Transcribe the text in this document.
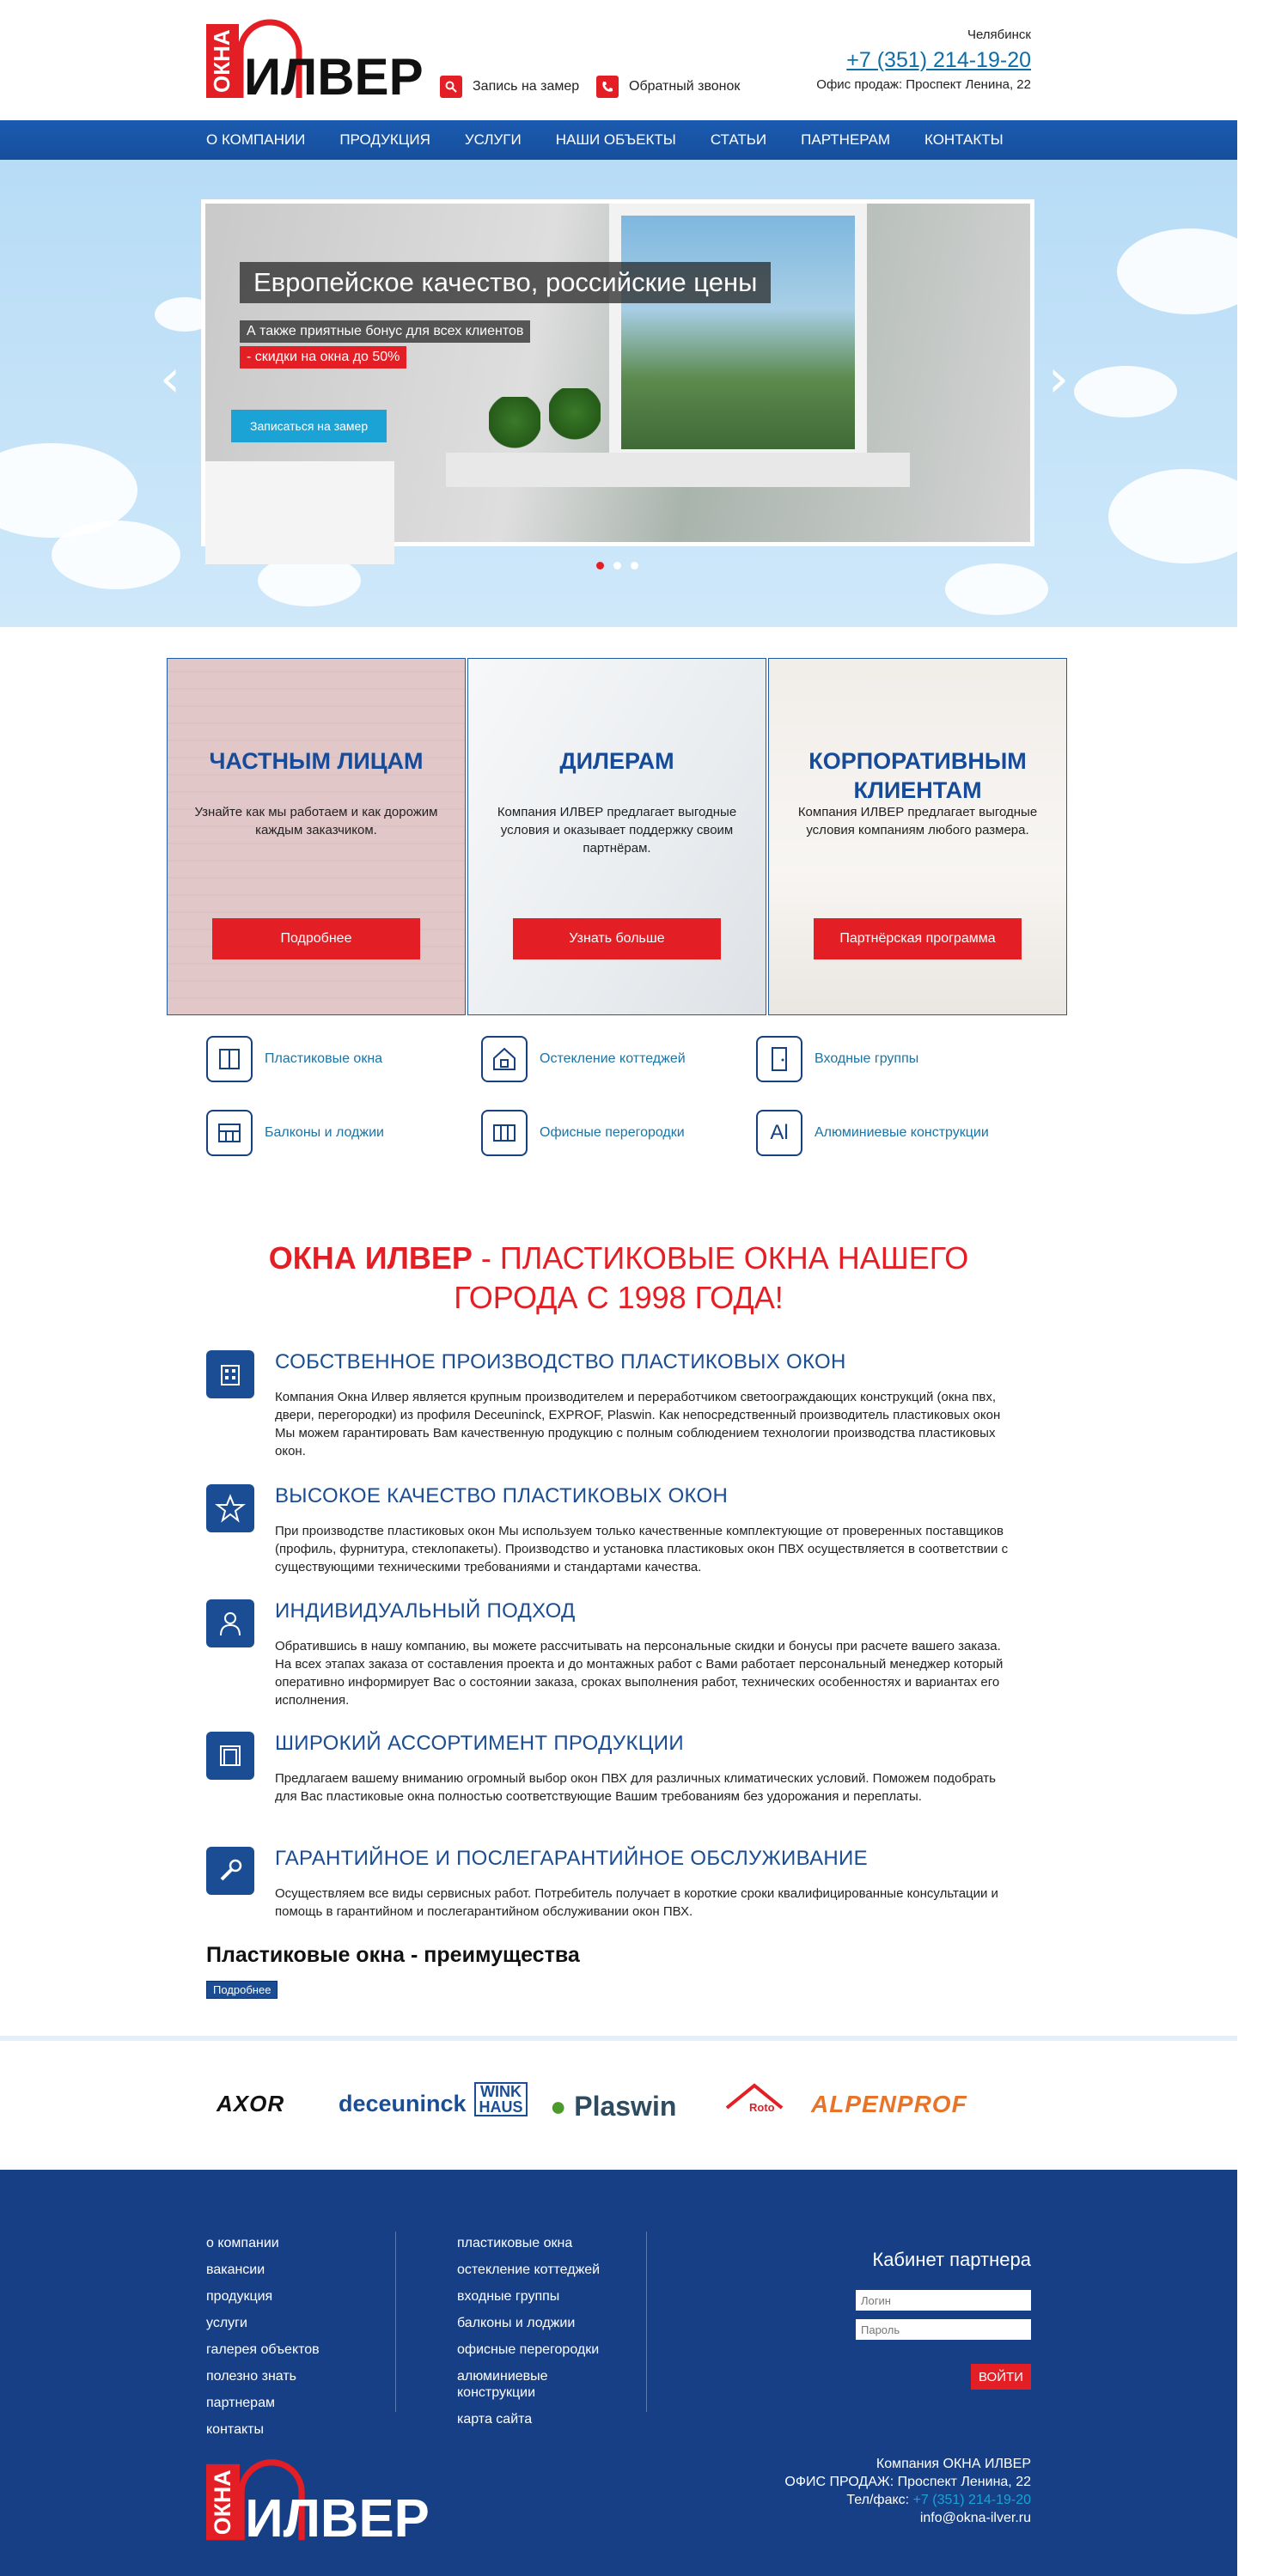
ОКНА ИЛВЕР	Запись на замер	Обратный звонок
Челябинск
+7 (351) 214-19-20
Офис продаж: Проспект Ленина, 22
О КОМПАНИИ ПРОДУКЦИЯ УСЛУГИ НАШИ ОБЪЕКТЫ СТАТЬИ ПАРТНЕРАМ КОНТАКТЫ
Европейское качество, российские цены
А также приятные бонус для всех клиентов
- скидки на окна до 50%
Записаться на замер
‹	›
ЧАСТНЫМ ЛИЦАМ

Узнайте как мы работаем и как дорожим каждым заказчиком.

Подробнее
ДИЛЕРАМ

Компания ИЛВЕР предлагает выгодные условия и оказывает поддержку своим партнёрам.

Узнать больше
КОРПОРАТИВНЫМ КЛИЕНТАМ

Компания ИЛВЕР предлагает выгодные условия компаниям любого размера.

Партнёрская программа
Пластиковые окна	Остекление коттеджей	Входные группы
Балконы и лоджии	Офисные перегородки	Al Алюминиевые конструкции
ОКНА ИЛВЕР - ПЛАСТИКОВЫЕ ОКНА НАШЕГО ГОРОДА С 1998 ГОДА!
СОБСТВЕННОЕ ПРОИЗВОДСТВО ПЛАСТИКОВЫХ ОКОН

Компания Окна Илвер является крупным производителем и переработчиком светоограждающих конструкций (окна пвх, двери, перегородки) из профиля Deceuninck, EXPROF, Plaswin. Как непосредственный производитель пластиковых окон Мы можем гарантировать Вам качественную продукцию с полным соблюдением технологии производства пластиковых окон.

ВЫСОКОЕ КАЧЕСТВО ПЛАСТИКОВЫХ ОКОН

При производстве пластиковых окон Мы используем только качественные комплектующие от проверенных поставщиков (профиль, фурнитура, стеклопакеты). Производство и установка пластиковых окон ПВХ осуществляется в соответствии с существующими техническими требованиями и стандартами качества.

ИНДИВИДУАЛЬНЫЙ ПОДХОД

Обратившись в нашу компанию, вы можете рассчитывать на персональные скидки и бонусы при расчете вашего заказа. На всех этапах заказа от составления проекта и до монтажных работ с Вами работает персональный менеджер который оперативно информирует Вас о состоянии заказа, сроках выполнения работ, технических особенностях и вариантах его исполнения.

ШИРОКИЙ АССОРТИМЕНТ ПРОДУКЦИИ

Предлагаем вашему вниманию огромный выбор окон ПВХ для различных климатических условий. Поможем подобрать для Вас пластиковые окна полностью соответствующие Вашим требованиям без удорожания и переплаты.

ГАРАНТИЙНОЕ И ПОСЛЕГАРАНТИЙНОЕ ОБСЛУЖИВАНИЕ

Осуществляем все виды сервисных работ. Потребитель получает в короткие сроки квалифицированные консультации и помощь в гарантийном и послегарантийном обслуживании окон ПВХ.

Пластиковые окна - преимущества
Подробнее
AXOR deceuninck WINK HAUS ● Plaswin	Roto ALPENPROF
о компании
вакансии
продукция
услуги
галерея объектов
полезно знать
партнерам
контакты
пластиковые окна
остекление коттеджей
входные группы
балконы и лоджии
офисные перегородки
алюминиевые конструкции
карта сайта
Кабинет партнера
Логин
ВОЙТИ
ОКНА ИЛВЕР
Компания ОКНА ИЛВЕР
ОФИС ПРОДАЖ: Проспект Ленина, 22
Тел/факс: +7 (351) 214-19-20
info@okna-ilver.ru
